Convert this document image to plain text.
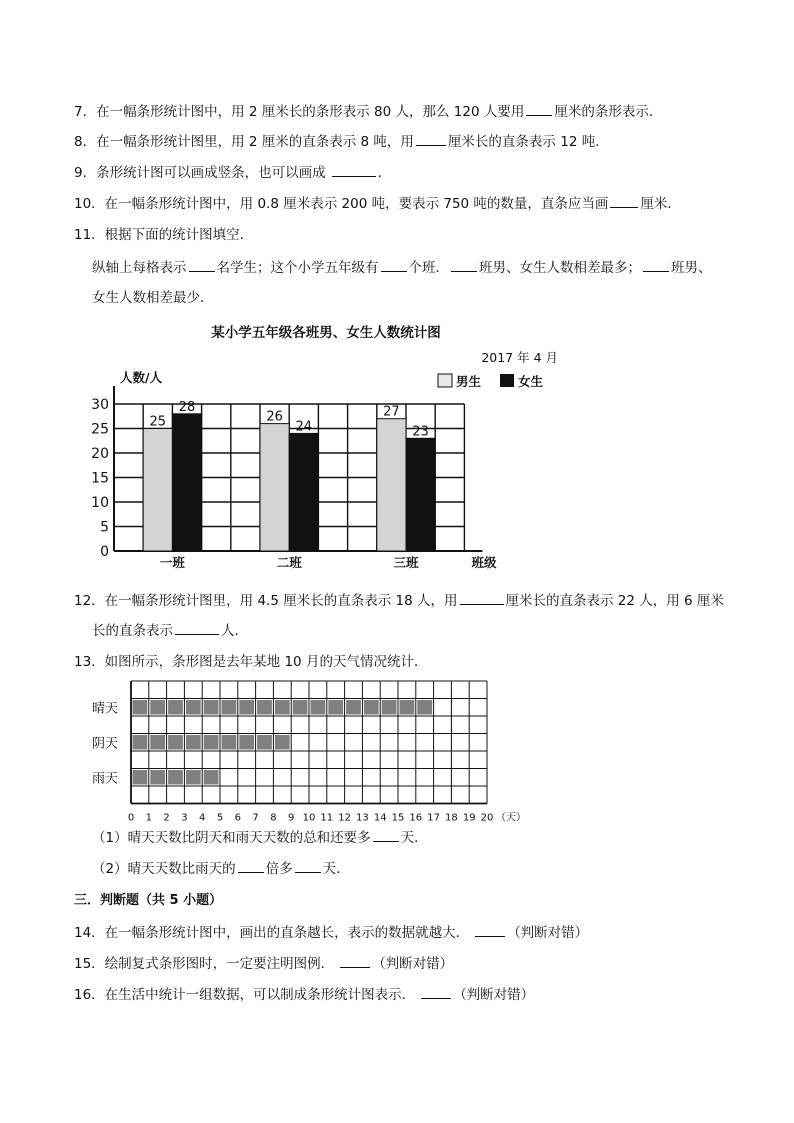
7．在一幅条形统计图中，用 2 厘米长的条形表示 80 人，那么 120 人要用 厘米的条形表示．
8．在一幅条形统计图里，用 2 厘米的直条表示 8 吨，用	厘米长的直条表示 12 吨．
9．条形统计图可以画成竖条，也可以画成	．
10．在一幅条形统计图中，用 0.8 厘米表示 200 吨，要表示 750 吨的数量，直条应当画 厘米．
11．根据下面的统计图填空．
纵轴上每格表示 名学生；这个小学五年级有 个班． 班男、女生人数相差最多； 班男、
女生人数相差最少．
某小学五年级各班男、女生人数统计图
2017 年 4 月
人数/人	男生	女生
0
5
10
15
20
25
30
25
28
26
24
27
23
一班	二班	三班	班级
12．在一幅条形统计图里，用 4.5 厘米长的直条表示 18 人，用	厘米长的直条表示 22 人，用 6 厘米
长的直条表示	人．
13．如图所示，条形图是去年某地 10 月的天气情况统计．
晴天
阴天
雨天
0 1 2 3 4 5 6 7 8 9 10 11 12 13 14 15 16 17 18 19 20 （天）
（1）晴天天数比阴天和雨天天数的总和还要多 天．
（2）晴天天数比雨天的 倍多 天．
三．判断题（共 5 小题）
14．在一幅条形统计图中，画出的直条越长，表示的数据就越大．	（判断对错）
15．绘制复式条形图时，一定要注明图例．	（判断对错）
16．在生活中统计一组数据，可以制成条形统计图表示．	（判断对错）
